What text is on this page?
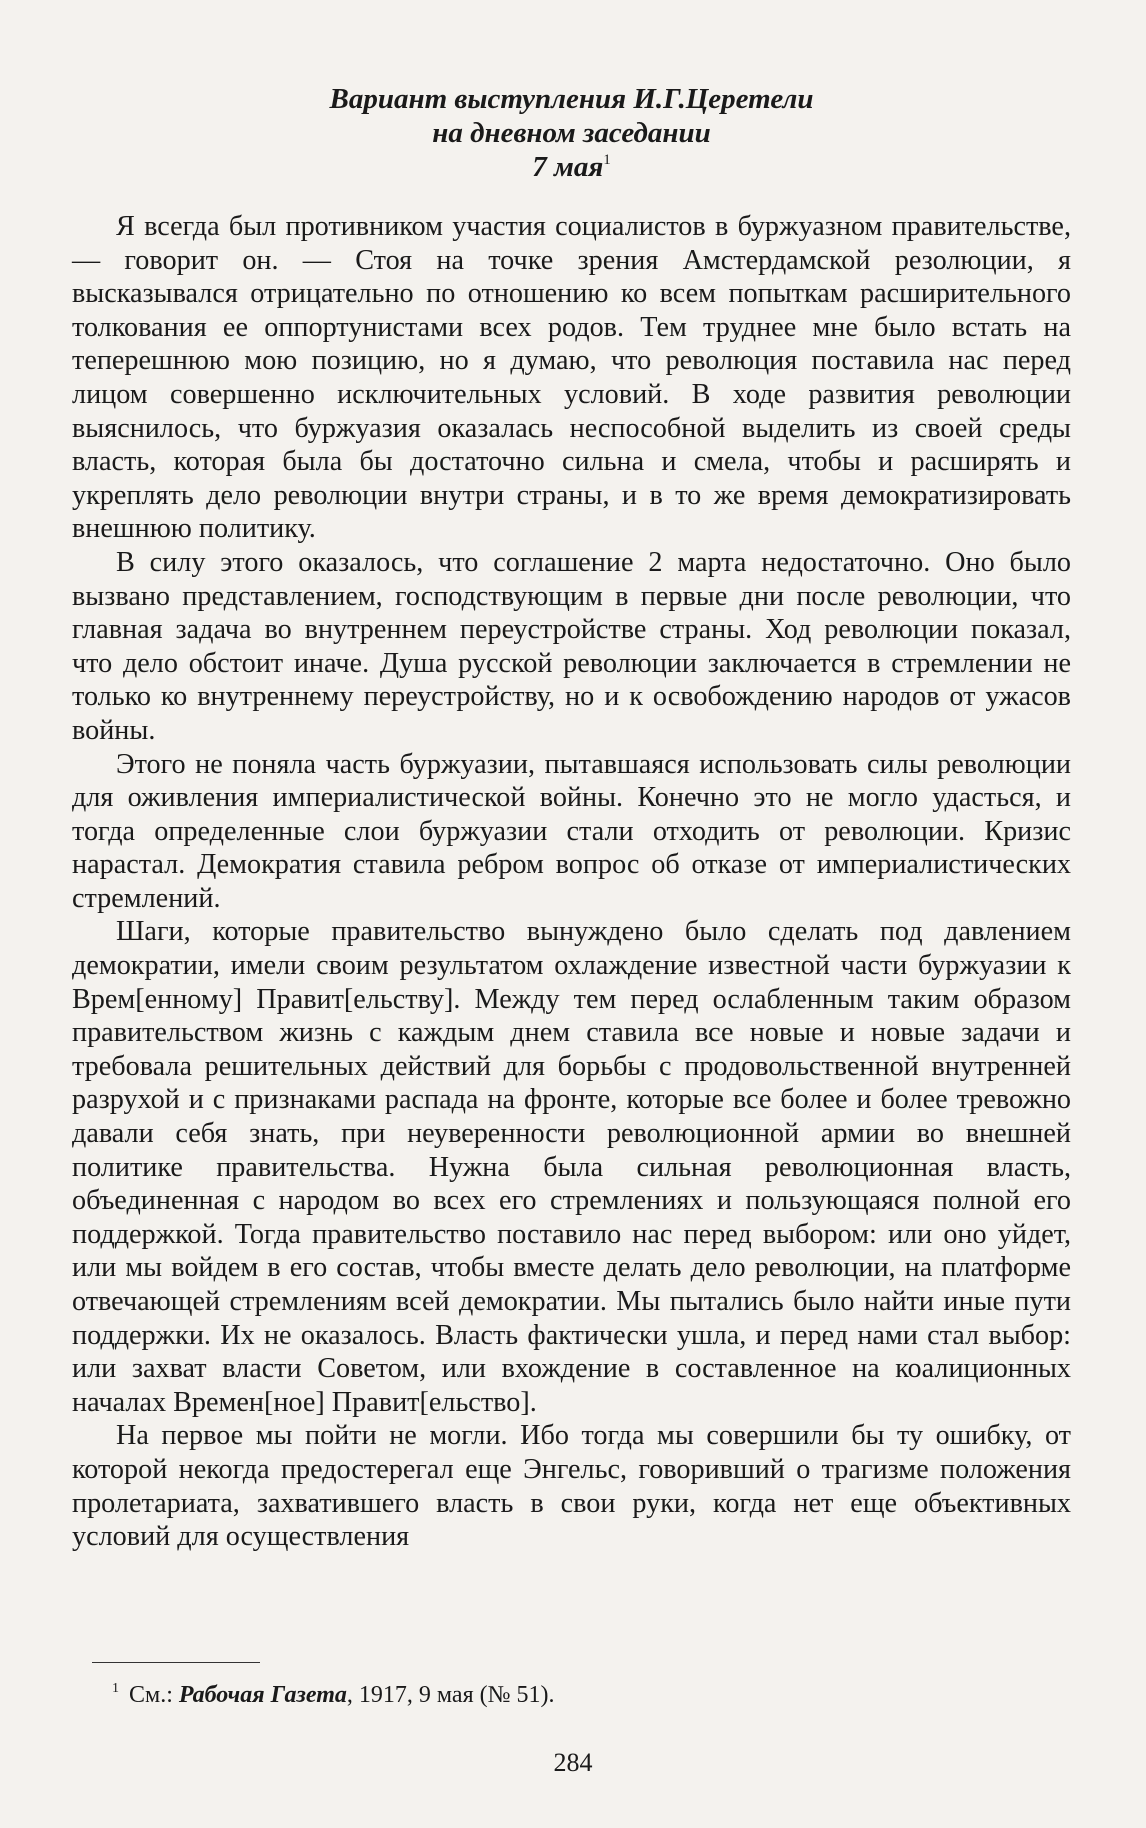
Вариант выступления И.Г.Церетели
на дневном заседании
7 мая$^1$

Я всегда был противником участия социалистов в буржуазном правительстве, — говорит он. — Стоя на точке зрения Амстердамской резолюции, я высказывался отрицательно по отношению ко всем попыткам расширительного толкования ее оппортунистами всех родов. Тем труднее мне было встать на теперешнюю мою позицию, но я думаю, что революция поставила нас перед лицом совершенно исключительных условий. В ходе развития революции выяснилось, что буржуазия оказалась неспособной выделить из своей среды власть, которая была бы достаточно сильна и смела, чтобы и расширять и укреплять дело революции внутри страны, и в то же время демократизировать внешнюю политику.

В силу этого оказалось, что соглашение 2 марта недостаточно. Оно было вызвано представлением, господствующим в первые дни после революции, что главная задача во внутреннем переустройстве страны. Ход революции показал, что дело обстоит иначе. Душа русской революции заключается в стремлении не только ко внутреннему переустройству, но и к освобождению народов от ужасов войны.

Этого не поняла часть буржуазии, пытавшаяся использовать силы революции для оживления империалистической войны. Конечно это не могло удасться, и тогда определенные слои буржуазии стали отходить от революции. Кризис нарастал. Демократия ставила ребром вопрос об отказе от империалистических стремлений.

Шаги, которые правительство вынуждено было сделать под давлением демократии, имели своим результатом охлаждение известной части буржуазии к Врем[енному] Правит[ельству]. Между тем перед ослабленным таким образом правительством жизнь с каждым днем ставила все новые и новые задачи и требовала решительных действий для борьбы с продовольственной внутренней разрухой и с признаками распада на фронте, которые все более и более тревожно давали себя знать, при неуверенности революционной армии во внешней политике правительства. Нужна была сильная революционная власть, объединенная с народом во всех его стремлениях и пользующаяся полной его поддержкой. Тогда правительство поставило нас перед выбором: или оно уйдет, или мы войдем в его состав, чтобы вместе делать дело революции, на платформе отвечающей стремлениям всей демократии. Мы пытались было найти иные пути поддержки. Их не оказалось. Власть фактически ушла, и перед нами стал выбор: или захват власти Советом, или вхождение в составленное на коалиционных началах Времен[ное] Правит[ельство].

На первое мы пойти не могли. Ибо тогда мы совершили бы ту ошибку, от которой некогда предостерегал еще Энгельс, говоривший о трагизме положения пролетариата, захватившего власть в свои руки, когда нет еще объективных условий для осуществления

$^1$ См.: Рабочая Газета, 1917, 9 мая (№ 51).
284
